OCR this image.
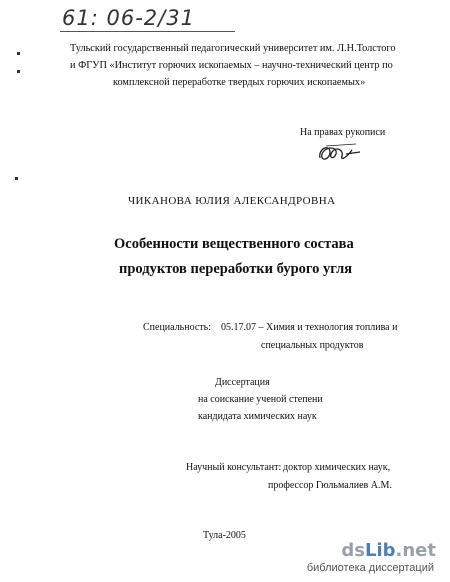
61: 06-2/31
Тульский государственный педагогический университет им. Л.Н.Толстого
и ФГУП «Институт горючих ископаемых – научно-технический центр по
комплексной переработке твердых горючих ископаемых»
На правах рукописи
ЧИКАНОВА ЮЛИЯ АЛЕКСАНДРОВНА
Особенности вещественного состава
продуктов переработки бурого угля
Специальность: 05.17.07 – Химия и технология топлива и
специальных продуктов
Диссертация
на соискание ученой степени
кандидата химических наук
Научный консультант: доктор химических наук,
профессор Гюльмалиев А.М.
Тула-2005
dsLib.net
библиотека диссертаций
